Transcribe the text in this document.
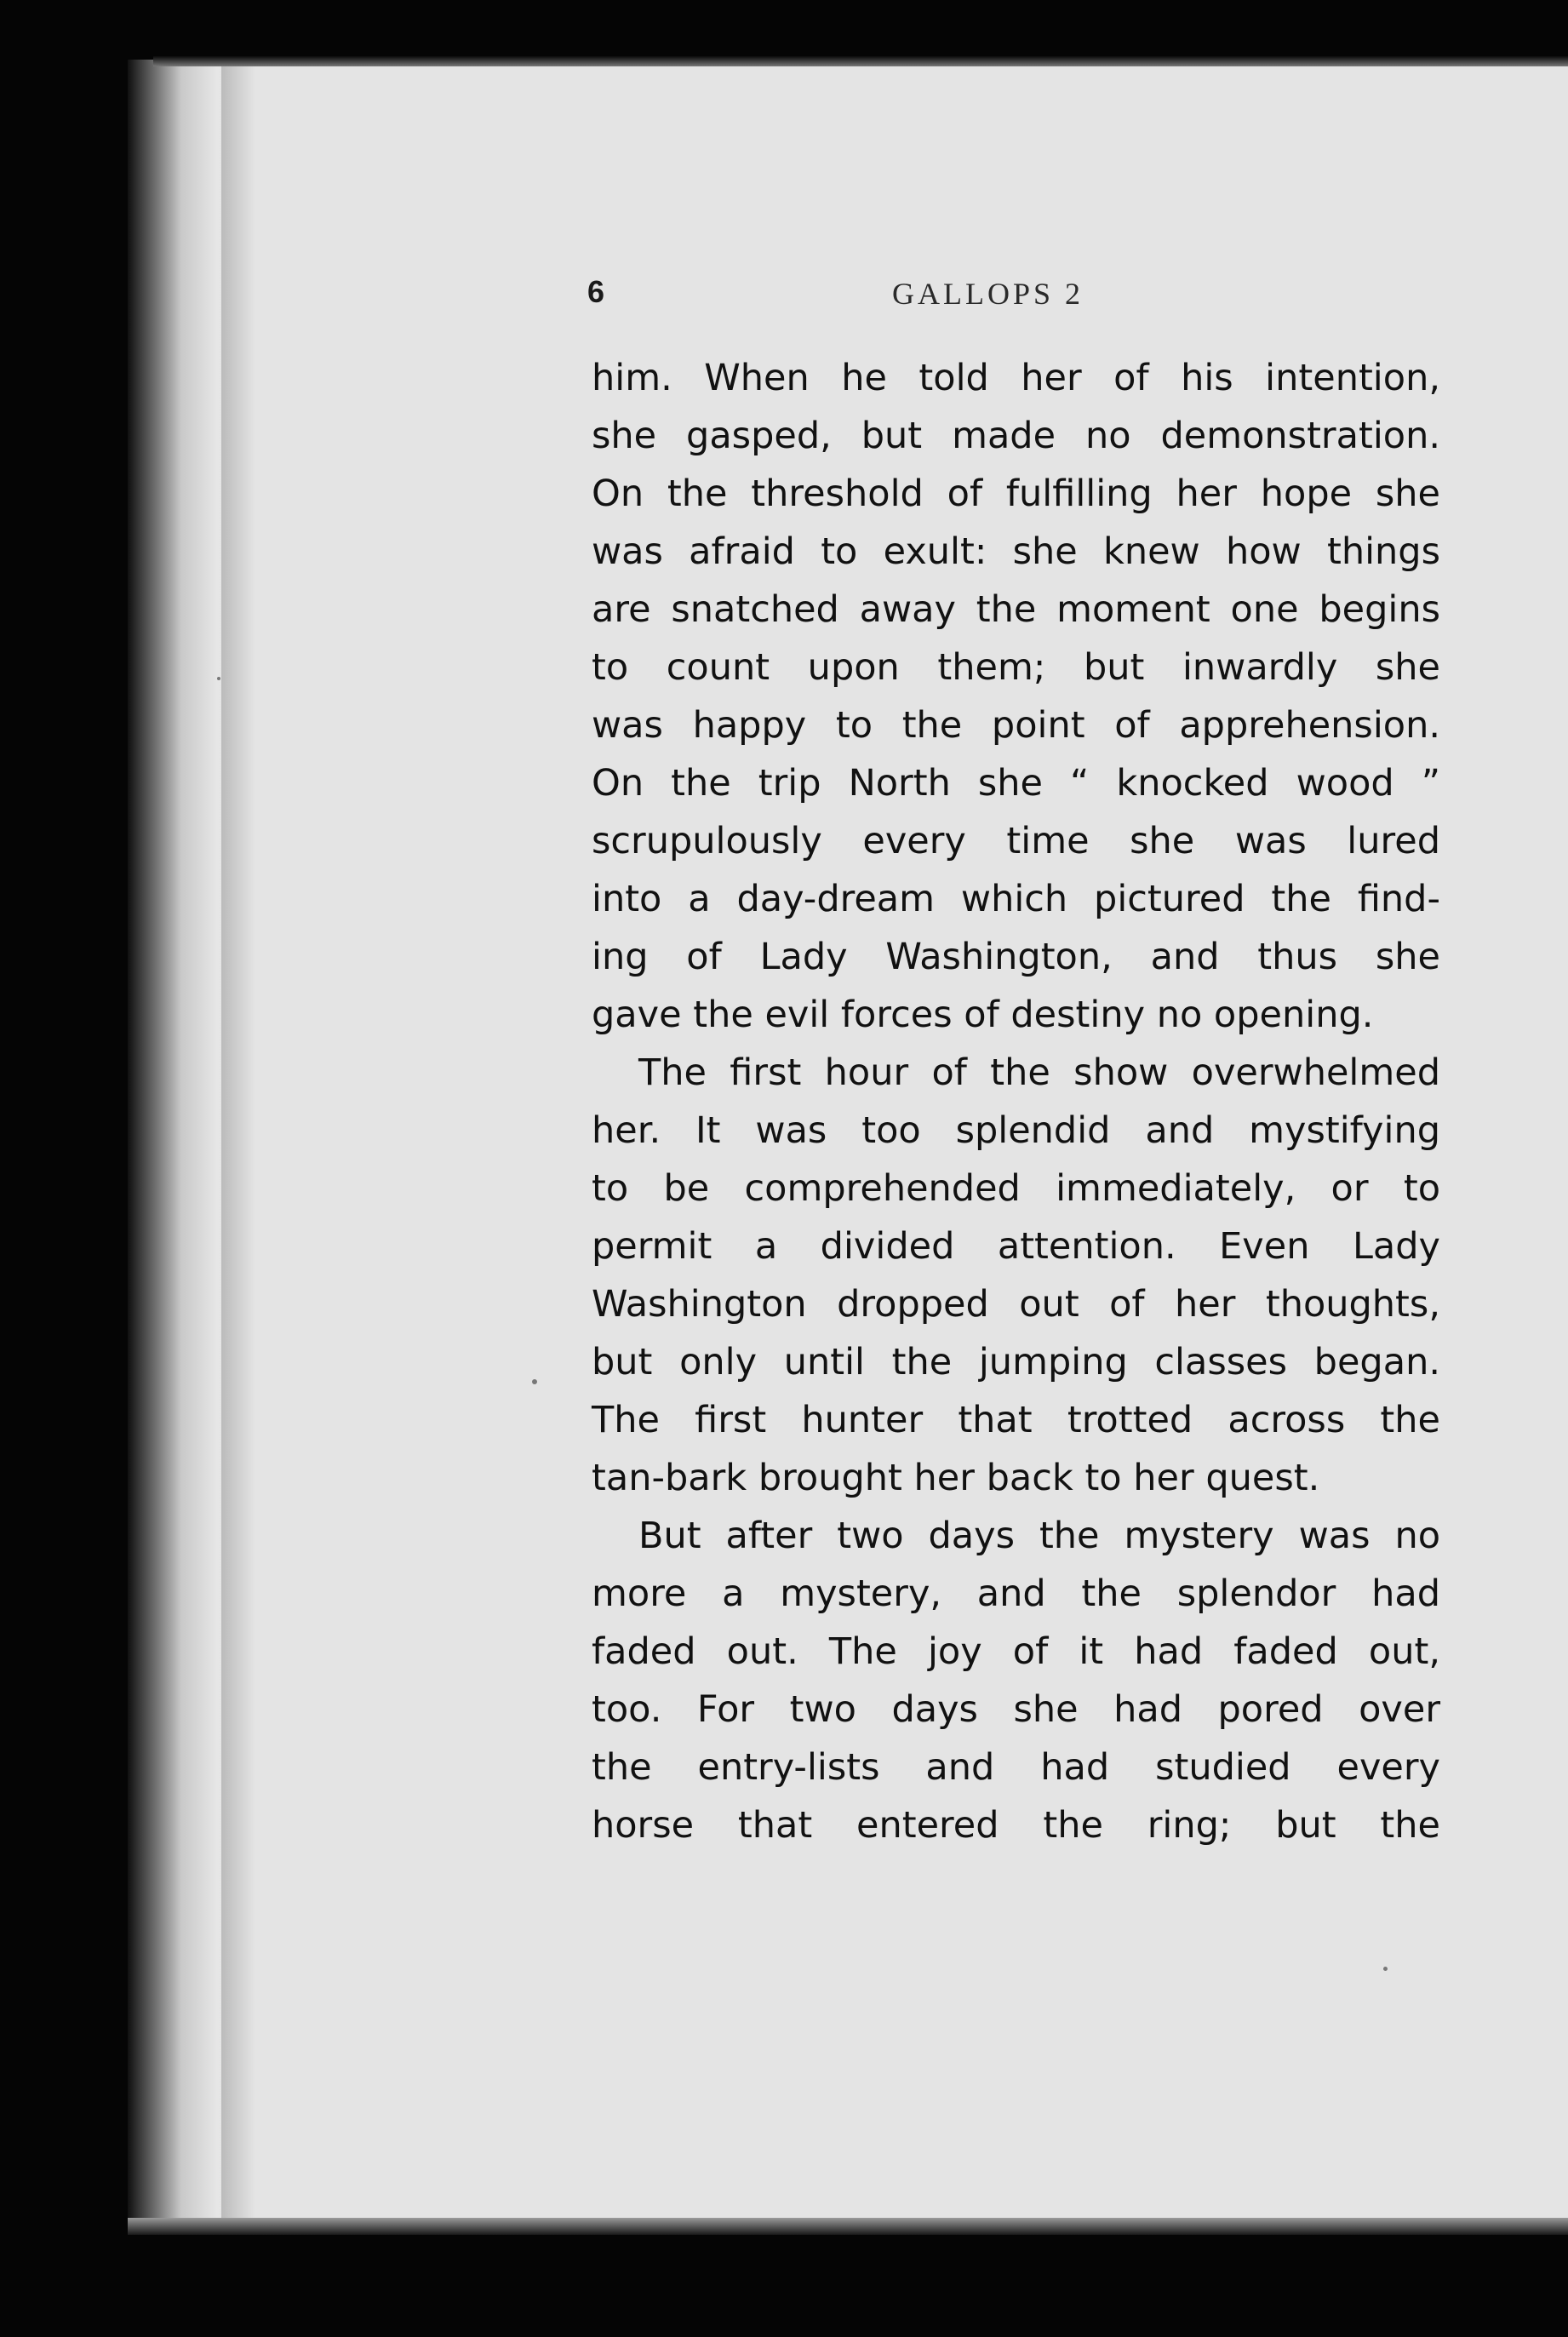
6	GALLOPS 2
him. When he told her of his intention,
she gasped, but made no demonstration.
On the threshold of fulfilling her hope she
was afraid to exult: she knew how things
are snatched away the moment one begins
to count upon them; but inwardly she
was happy to the point of apprehension.
On the trip North she “ knocked wood ”
scrupulously every time she was lured
into a day-dream which pictured the find-
ing of Lady Washington, and thus she
gave the evil forces of destiny no opening.
The first hour of the show overwhelmed
her. It was too splendid and mystifying
to be comprehended immediately, or to
permit a divided attention. Even Lady
Washington dropped out of her thoughts,
but only until the jumping classes began.
The first hunter that trotted across the
tan-bark brought her back to her quest.
But after two days the mystery was no
more a mystery, and the splendor had
faded out. The joy of it had faded out,
too. For two days she had pored over
the entry-lists and had studied every
horse that entered the ring; but the
